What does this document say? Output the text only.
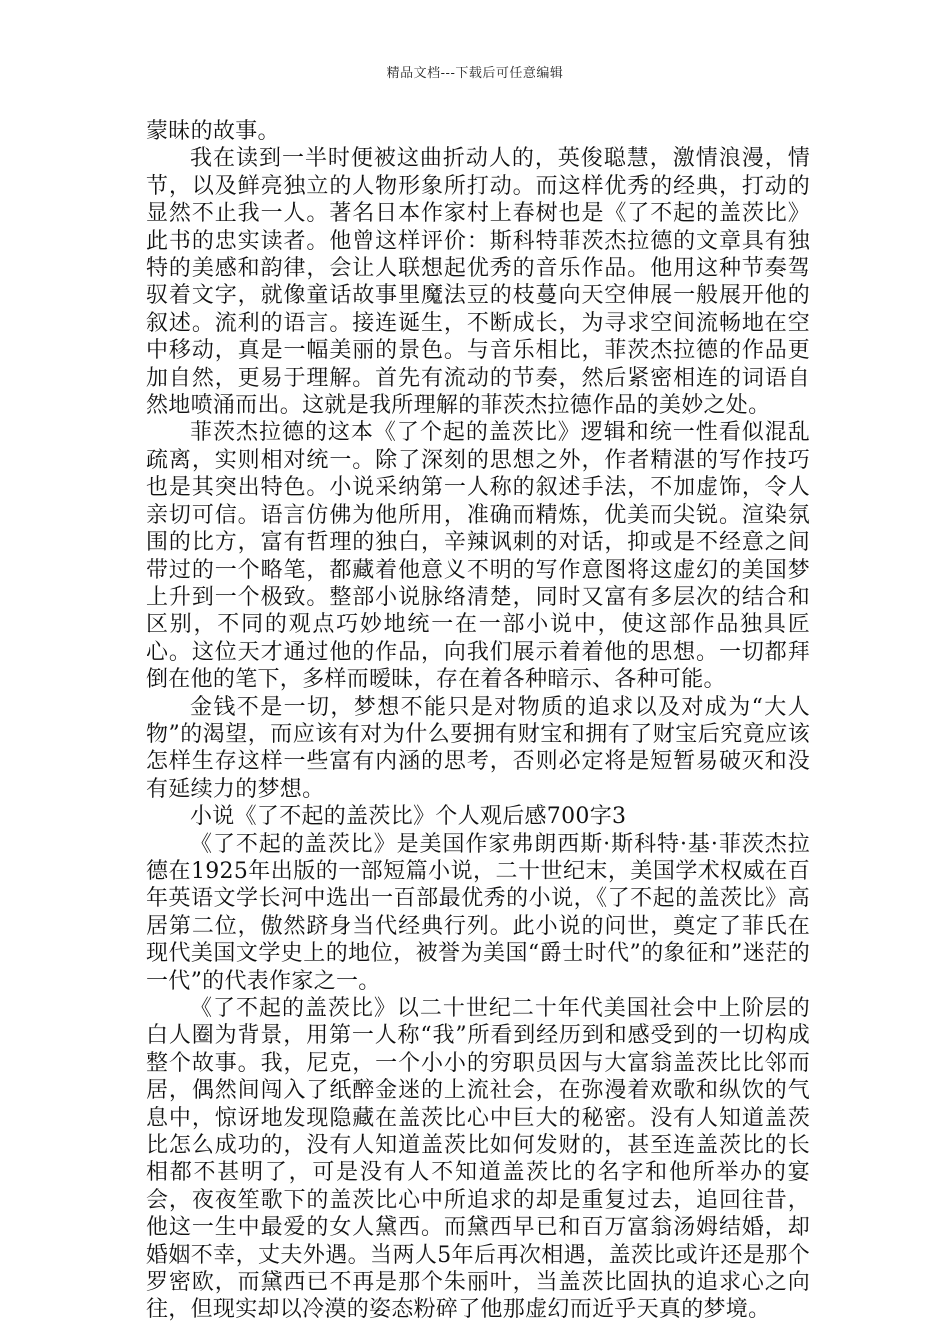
精品文档---下载后可任意编辑

蒙昧的故事。

我在读到一半时便被这曲折动人的，英俊聪慧，激情浪漫，情节，以及鲜亮独立的人物形象所打动。而这样优秀的经典，打动的显然不止我一人。著名日本作家村上春树也是《了不起的盖茨比》此书的忠实读者。他曾这样评价：斯科特菲茨杰拉德的文章具有独特的美感和韵律，会让人联想起优秀的音乐作品。他用这种节奏驾驭着文字，就像童话故事里魔法豆的枝蔓向天空伸展一般展开他的叙述。流利的语言。接连诞生，不断成长，为寻求空间流畅地在空中移动，真是一幅美丽的景色。与音乐相比，菲茨杰拉德的作品更加自然，更易于理解。首先有流动的节奏，然后紧密相连的词语自然地喷涌而出。这就是我所理解的菲茨杰拉德作品的美妙之处。

菲茨杰拉德的这本《了个起的盖茨比》逻辑和统一性看似混乱疏离，实则相对统一。除了深刻的思想之外，作者精湛的写作技巧也是其突出特色。小说采纳第一人称的叙述手法，不加虚饰，令人亲切可信。语言仿佛为他所用，准确而精炼，优美而尖锐。渲染氛围的比方，富有哲理的独白，辛辣讽刺的对话，抑或是不经意之间带过的一个略笔，都藏着他意义不明的写作意图将这虚幻的美国梦上升到一个极致。整部小说脉络清楚，同时又富有多层次的结合和区别，不同的观点巧妙地统一在一部小说中，使这部作品独具匠心。这位天才通过他的作品，向我们展示着着他的思想。一切都拜倒在他的笔下，多样而暧昧，存在着各种暗示、各种可能。

金钱不是一切，梦想不能只是对物质的追求以及对成为“大人物”的渴望，而应该有对为什么要拥有财宝和拥有了财宝后究竟应该怎样生存这样一些富有内涵的思考，否则必定将是短暂易破灭和没有延续力的梦想。

小说《了不起的盖茨比》个人观后感700字3

《了不起的盖茨比》是美国作家弗朗西斯·斯科特·基·菲茨杰拉德在1925年出版的一部短篇小说，二十世纪末，美国学术权威在百年英语文学长河中选出一百部最优秀的小说，《了不起的盖茨比》高居第二位，傲然跻身当代经典行列。此小说的问世，奠定了菲氏在现代美国文学史上的地位，被誉为美国“爵士时代”的象征和”迷茫的一代”的代表作家之一。

《了不起的盖茨比》以二十世纪二十年代美国社会中上阶层的白人圈为背景，用第一人称“我”所看到经历到和感受到的一切构成整个故事。我，尼克，一个小小的穷职员因与大富翁盖茨比比邻而居，偶然间闯入了纸醉金迷的上流社会，在弥漫着欢歌和纵饮的气息中，惊讶地发现隐藏在盖茨比心中巨大的秘密。没有人知道盖茨比怎么成功的，没有人知道盖茨比如何发财的，甚至连盖茨比的长相都不甚明了，可是没有人不知道盖茨比的名字和他所举办的宴会，夜夜笙歌下的盖茨比心中所追求的却是重复过去，追回往昔，他这一生中最爱的女人黛西。而黛西早已和百万富翁汤姆结婚，却婚姻不幸，丈夫外遇。当两人5年后再次相遇，盖茨比或许还是那个罗密欧，而黛西已不再是那个朱丽叶，当盖茨比固执的追求心之向往，但现实却以冷漠的姿态粉碎了他那虚幻而近乎天真的梦境。
